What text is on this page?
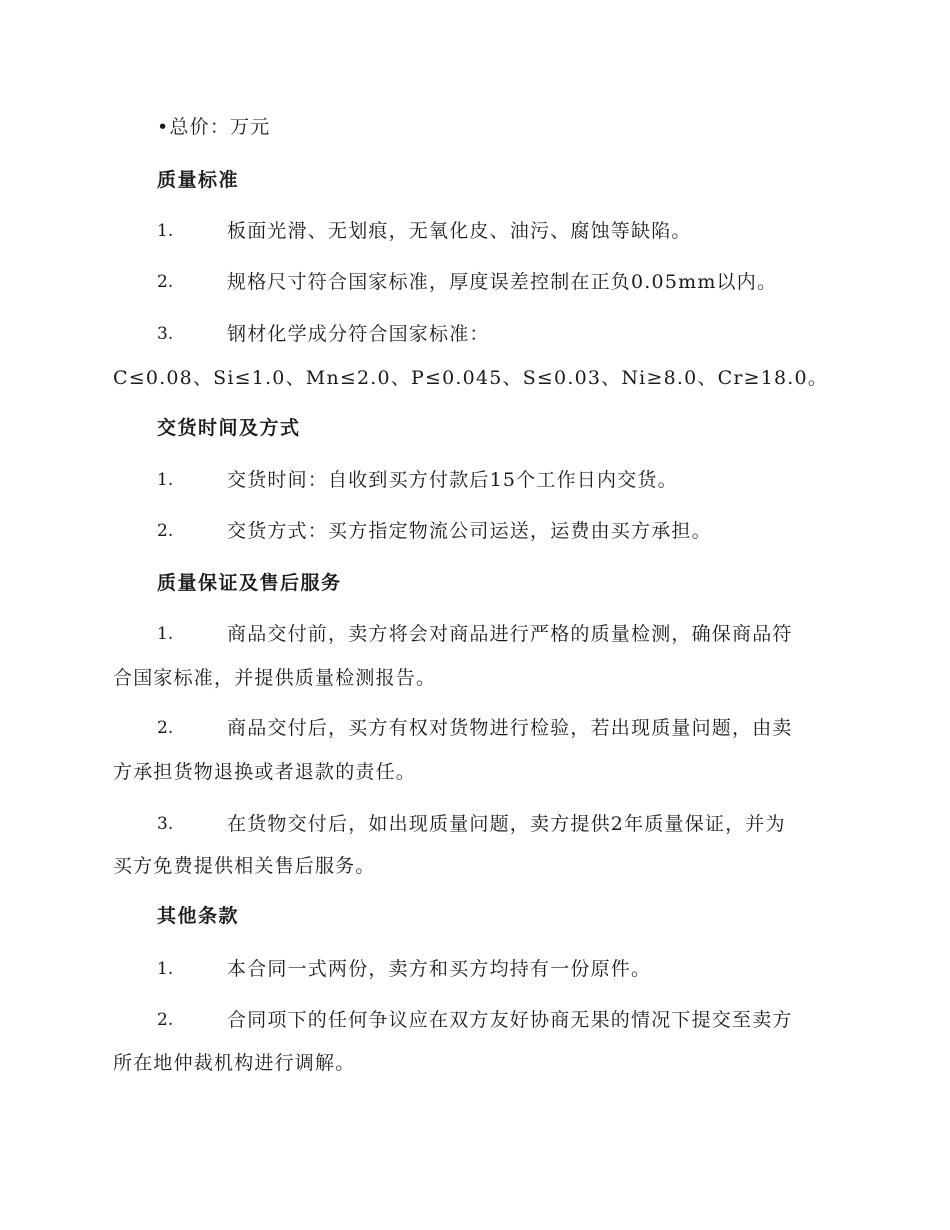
•总价：万元
质量标准
1.	板面光滑、无划痕，无氧化皮、油污、腐蚀等缺陷。
2.	规格尺寸符合国家标准，厚度误差控制在正负0.05mm以内。
3.	钢材化学成分符合国家标准：
C≤0.08、Si≤1.0、Mn≤2.0、P≤0.045、S≤0.03、Ni≥8.0、Cr≥18.0。
交货时间及方式
1.	交货时间：自收到买方付款后15个工作日内交货。
2.	交货方式：买方指定物流公司运送，运费由买方承担。
质量保证及售后服务
1.	商品交付前，卖方将会对商品进行严格的质量检测，确保商品符
合国家标准，并提供质量检测报告。
2.	商品交付后，买方有权对货物进行检验，若出现质量问题，由卖
方承担货物退换或者退款的责任。
3.	在货物交付后，如出现质量问题，卖方提供2年质量保证，并为
买方免费提供相关售后服务。
其他条款
1.	本合同一式两份，卖方和买方均持有一份原件。
2.	合同项下的任何争议应在双方友好协商无果的情况下提交至卖方
所在地仲裁机构进行调解。
